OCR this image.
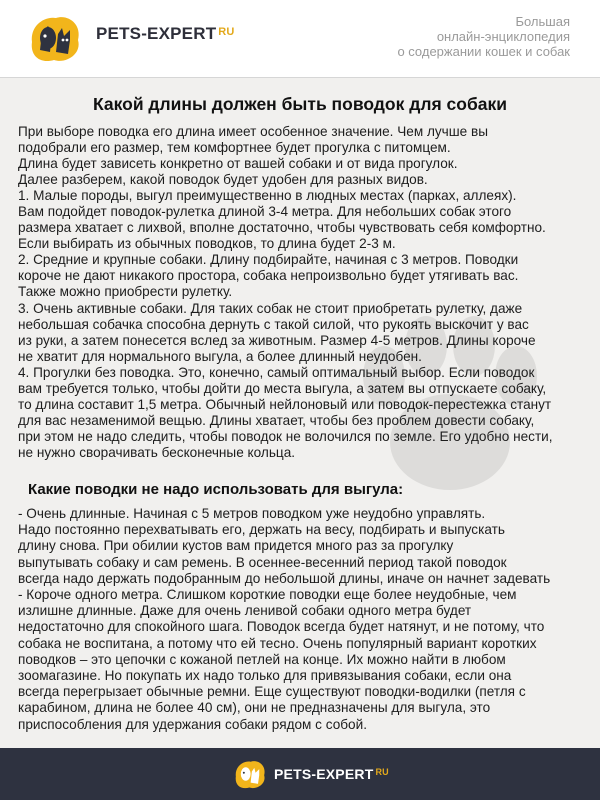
PETS-EXPERT $^{RU}$
Большая
онлайн-энциклопедия
о содержании кошек и собак
Какой длины должен быть поводок для собаки
При выборе поводка его длина имеет особенное значение. Чем лучше вы
подобрали его размер, тем комфортнее будет прогулка с питомцем.
Длина будет зависеть конкретно от вашей собаки и от вида прогулок.
Далее разберем, какой поводок будет удобен для разных видов.
1. Малые породы, выгул преимущественно в людных местах (парках, аллеях).
Вам подойдет поводок-рулетка длиной 3-4 метра. Для небольших собак этого
размера хватает с лихвой, вполне достаточно, чтобы чувствовать себя комфортно.
Если выбирать из обычных поводков, то длина будет 2-3 м.
2. Средние и крупные собаки. Длину подбирайте, начиная с 3 метров. Поводки
короче не дают никакого простора, собака непроизвольно будет утягивать вас.
Также можно приобрести рулетку.
3. Очень активные собаки. Для таких собак не стоит приобретать рулетку, даже
небольшая собачка способна дернуть с такой силой, что рукоять выскочит у вас
из руки, а затем понесется вслед за животным. Размер 4-5 метров. Длины короче
не хватит для нормального выгула, а более длинный неудобен.
4. Прогулки без поводка. Это, конечно, самый оптимальный выбор. Если поводок
вам требуется только, чтобы дойти до места выгула, а затем вы отпускаете собаку,
то длина составит 1,5 метра. Обычный нейлоновый или поводок-перестежка станут
для вас незаменимой вещью. Длины хватает, чтобы без проблем довести собаку,
при этом не надо следить, чтобы поводок не волочился по земле. Его удобно нести,
не нужно сворачивать бесконечные кольца.
Какие поводки не надо использовать для выгула:
- Очень длинные. Начиная с 5 метров поводком уже неудобно управлять.
Надо постоянно перехватывать его, держать на весу, подбирать и выпускать
длину снова. При обилии кустов вам придется много раз за прогулку
выпутывать собаку и сам ремень. В осеннее-весенний период такой поводок
всегда надо держать подобранным до небольшой длины, иначе он начнет задевать
- Короче одного метра. Слишком короткие поводки еще более неудобные, чем
излишне длинные. Даже для очень ленивой собаки одного метра будет
недостаточно для спокойного шага. Поводок всегда будет натянут, и не потому, что
собака не воспитана, а потому что ей тесно. Очень популярный вариант коротких
поводков – это цепочки с кожаной петлей на конце. Их можно найти в любом
зоомагазине. Но покупать их надо только для привязывания собаки, если она
всегда перегрызает обычные ремни. Еще существуют поводки-водилки (петля с
карабином, длина не более 40 см), они не предназначены для выгула, это
приспособления для удержания собаки рядом с собой.
PETS-EXPERT $^{RU}$
